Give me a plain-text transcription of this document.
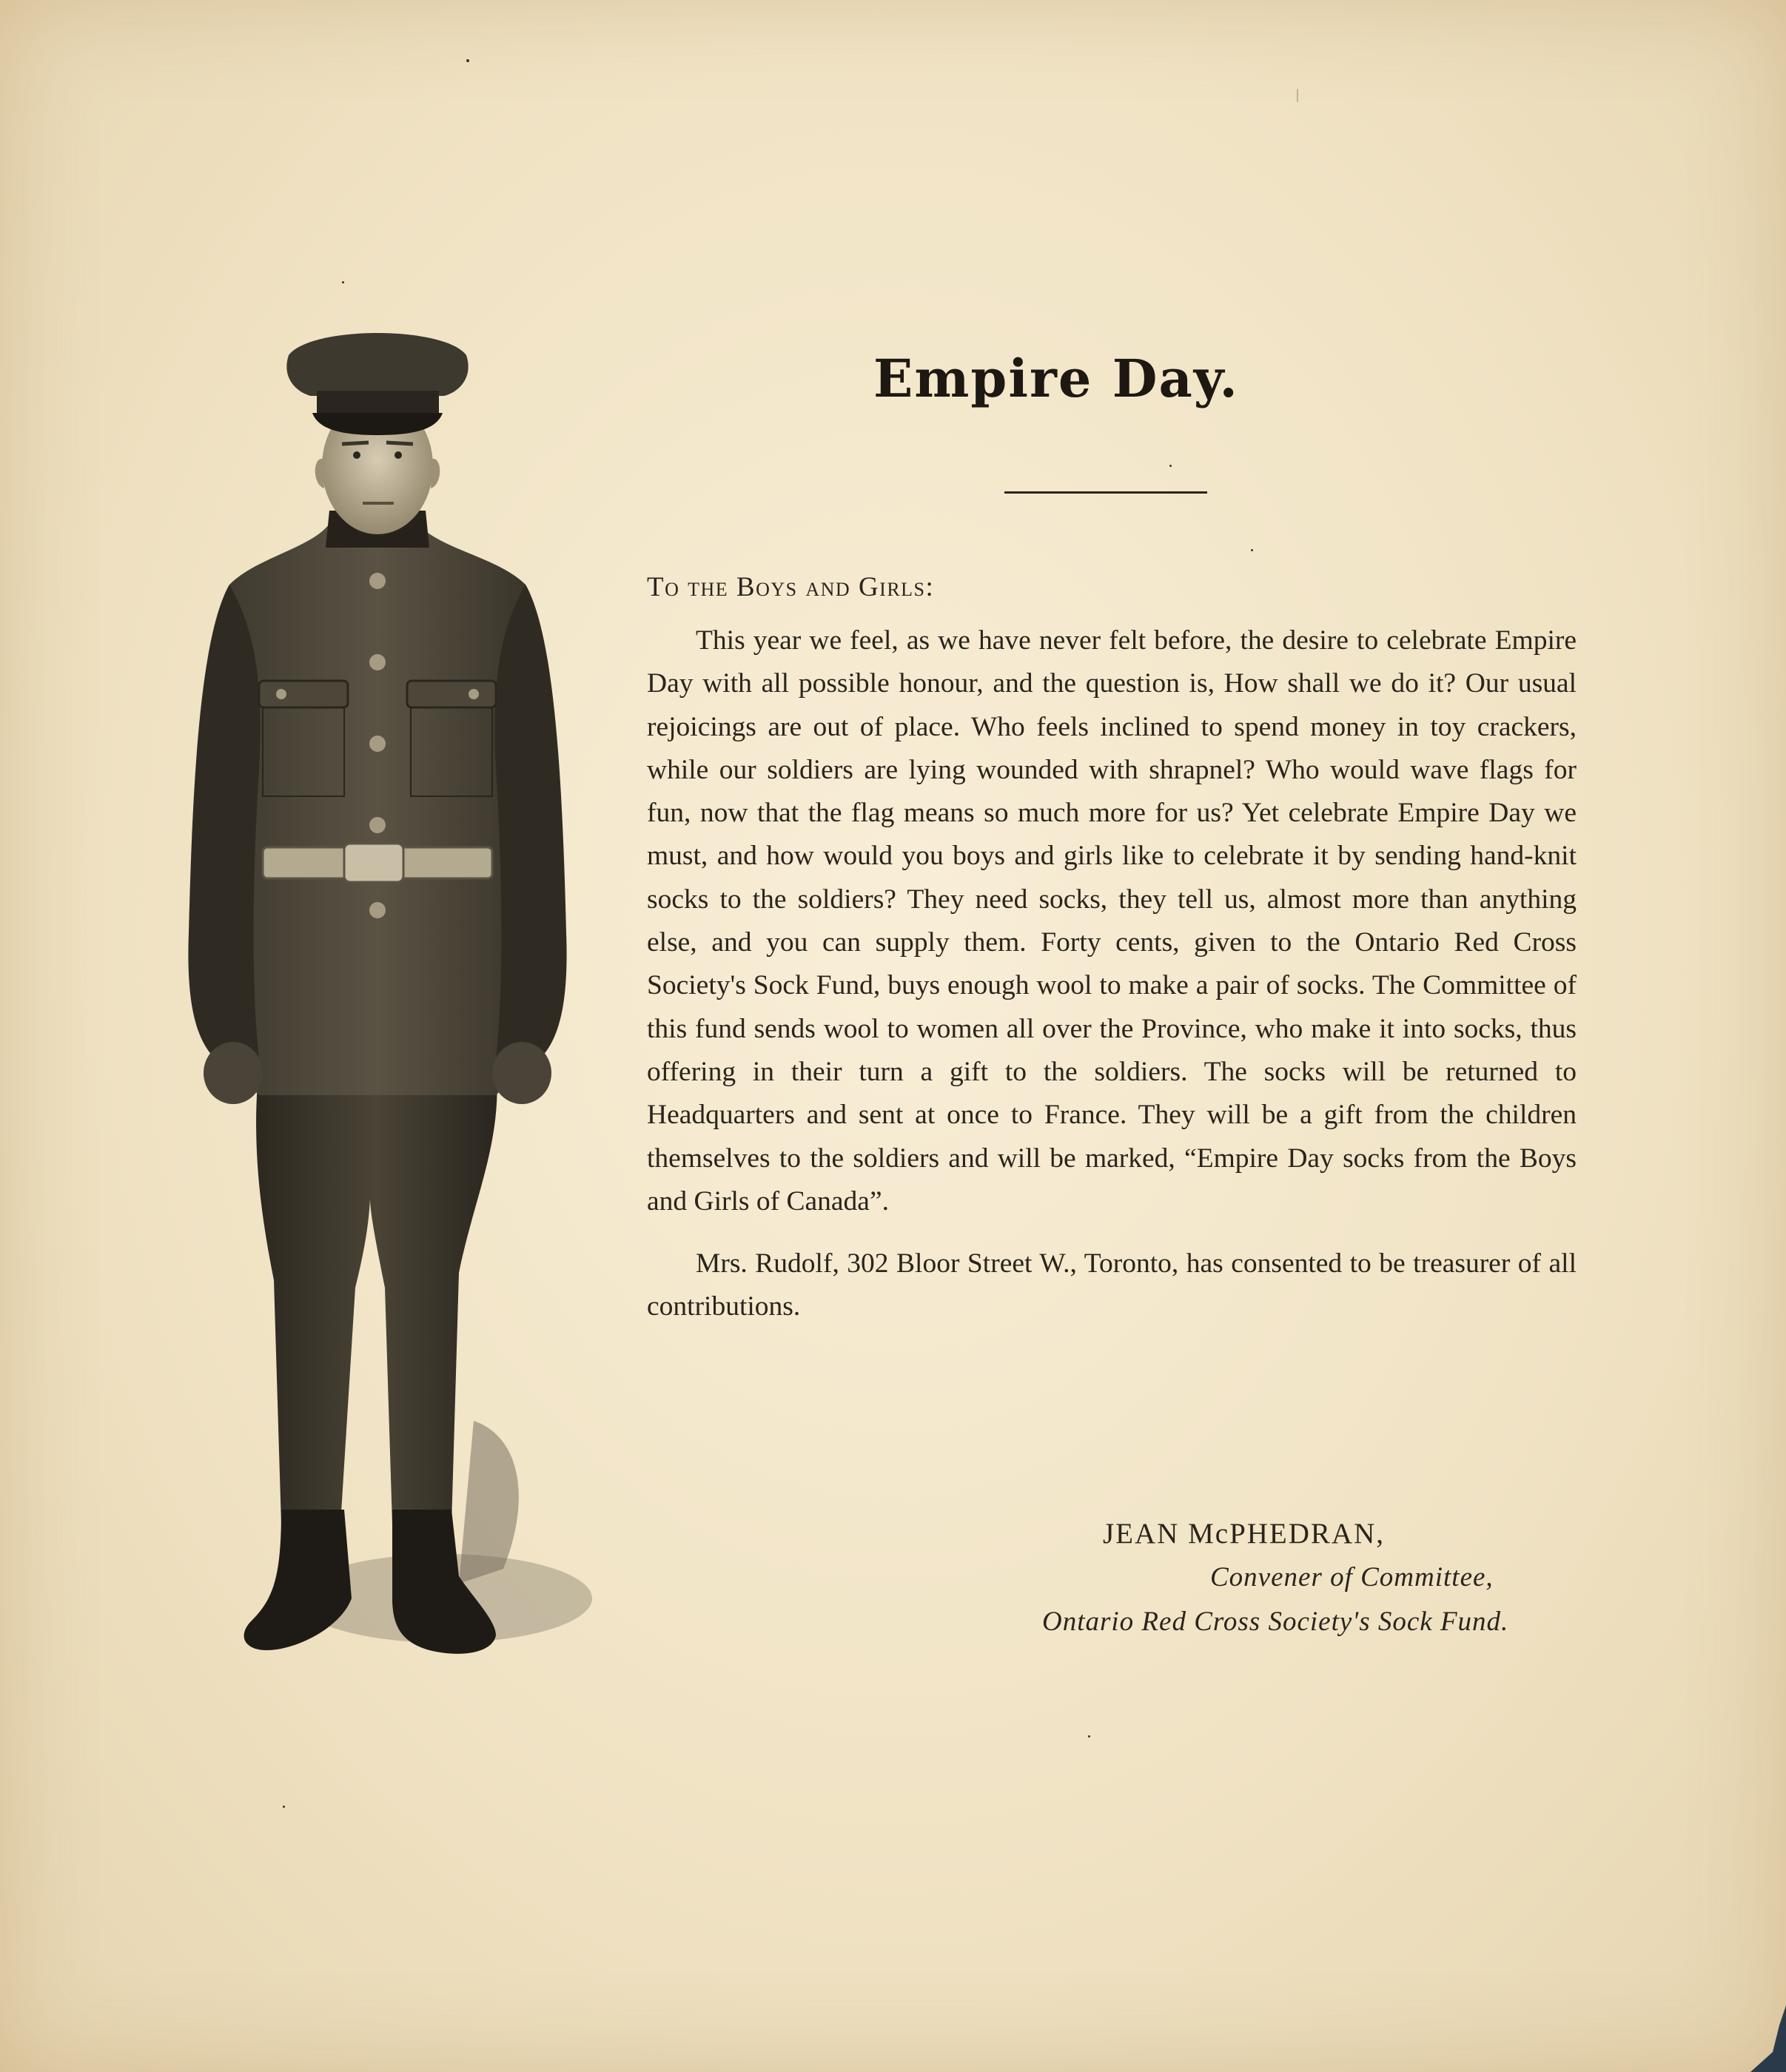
Empire Day.
To the Boys and Girls:

This year we feel, as we have never felt before, the desire to celebrate Empire Day with all possible honour, and the question is, How shall we do it? Our usual rejoicings are out of place. Who feels inclined to spend money in toy crackers, while our soldiers are lying wounded with shrapnel? Who would wave flags for fun, now that the flag means so much more for us? Yet celebrate Empire Day we must, and how would you boys and girls like to celebrate it by sending hand-knit socks to the soldiers? They need socks, they tell us, almost more than anything else, and you can supply them. Forty cents, given to the Ontario Red Cross Society's Sock Fund, buys enough wool to make a pair of socks. The Committee of this fund sends wool to women all over the Province, who make it into socks, thus offering in their turn a gift to the soldiers. The socks will be returned to Headquarters and sent at once to France. They will be a gift from the children themselves to the soldiers and will be marked, “Empire Day socks from the Boys and Girls of Canada”.

Mrs. Rudolf, 302 Bloor Street W., Toronto, has consented to be treasurer of all contributions.

JEAN McPHEDRAN,
Convener of Committee,
Ontario Red Cross Society's Sock Fund.
